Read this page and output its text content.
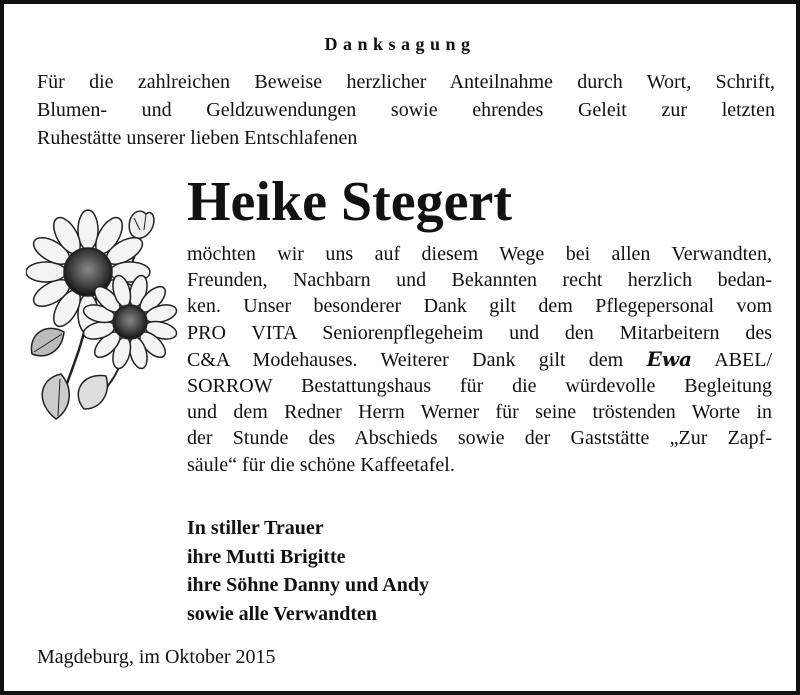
Danksagung
Für die zahlreichen Beweise herzlicher Anteilnahme durch Wort, Schrift,
Blumen- und Geldzuwendungen sowie ehrendes Geleit zur letzten
Ruhestätte unserer lieben Entschlafenen
Heike Stegert
möchten wir uns auf diesem Wege bei allen Verwandten,
Freunden, Nachbarn und Bekannten recht herzlich bedan-
ken. Unser besonderer Dank gilt dem Pflegepersonal vom
PRO VITA Seniorenpflegeheim und den Mitarbeitern des
C&A Modehauses. Weiterer Dank gilt dem Ewa ABEL/
SORROW Bestattungshaus für die würdevolle Begleitung
und dem Redner Herrn Werner für seine tröstenden Worte in
der Stunde des Abschieds sowie der Gaststätte „Zur Zapf-
säule“ für die schöne Kaffeetafel.
In stiller Trauer
ihre Mutti Brigitte
ihre Söhne Danny und Andy
sowie alle Verwandten
Magdeburg, im Oktober 2015
